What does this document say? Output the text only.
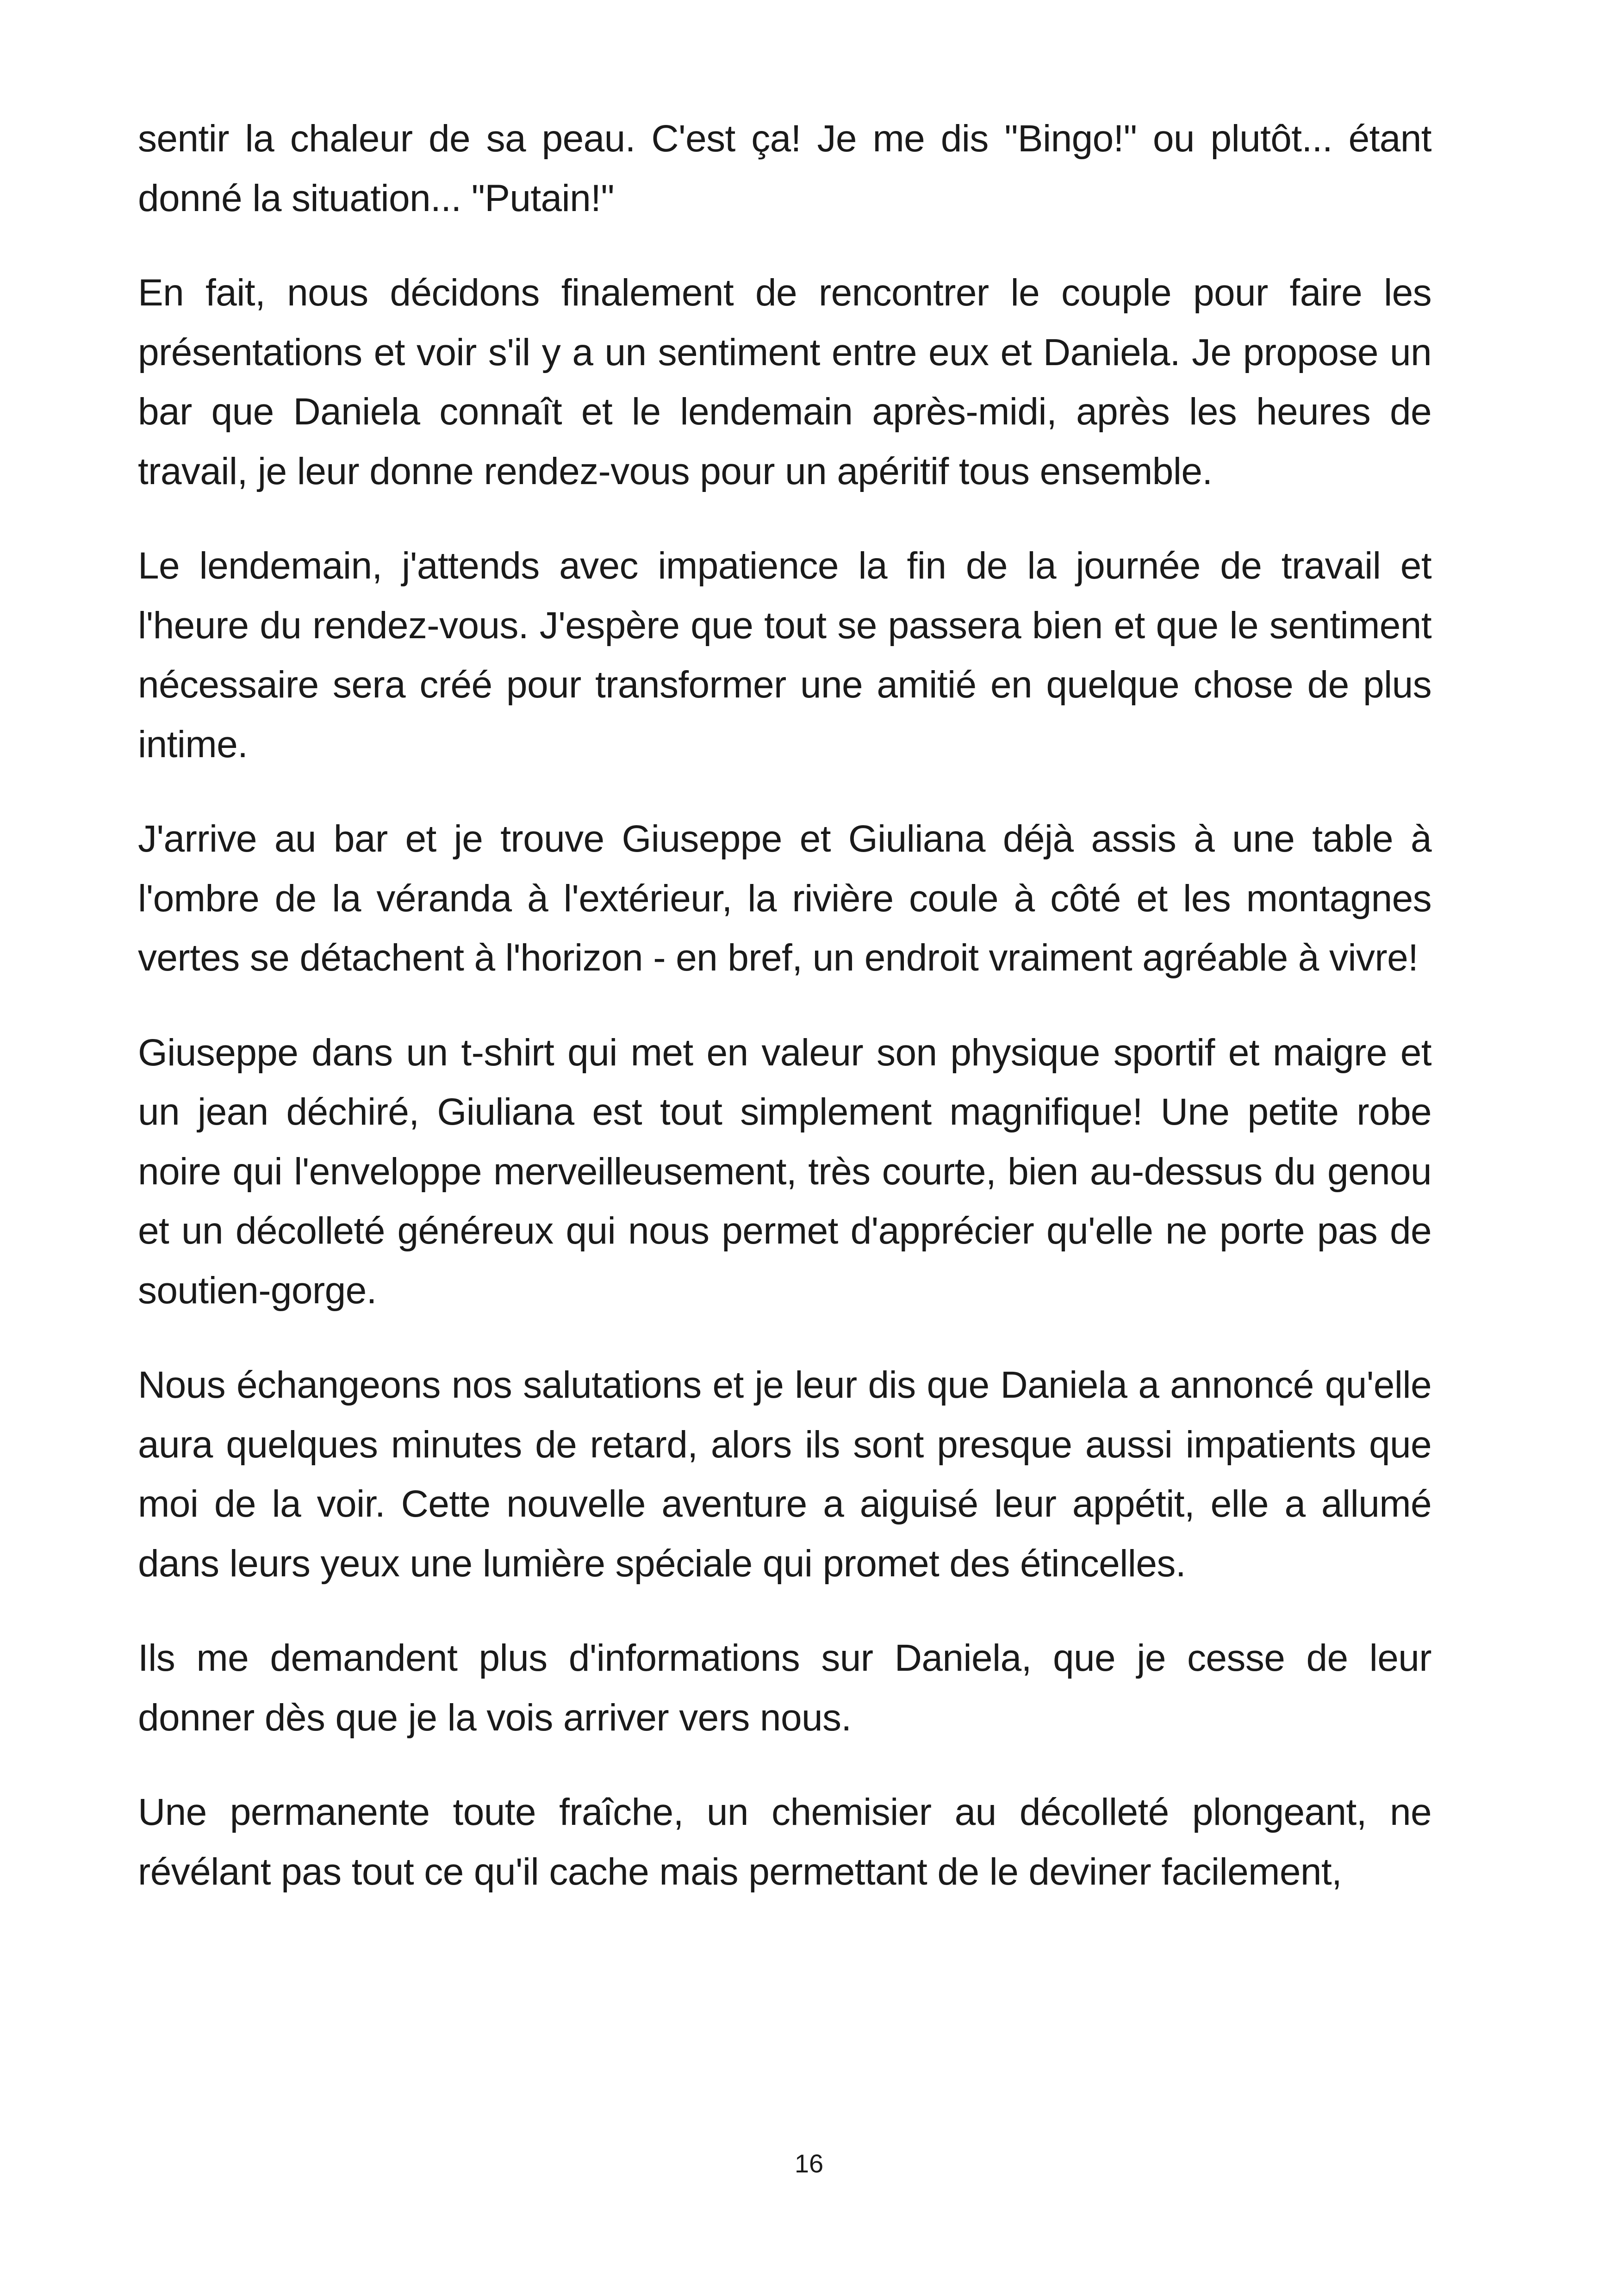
sentir la chaleur de sa peau. C'est ça! Je me dis "Bingo!" ou plutôt... étant donné la situation... "Putain!"

En fait, nous décidons finalement de rencontrer le couple pour faire les présentations et voir s'il y a un sentiment entre eux et Daniela. Je propose un bar que Daniela connaît et le lendemain après-midi, après les heures de travail, je leur donne rendez-vous pour un apéritif tous ensemble.

Le lendemain, j'attends avec impatience la fin de la journée de travail et l'heure du rendez-vous. J'espère que tout se passera bien et que le sentiment nécessaire sera créé pour transformer une amitié en quelque chose de plus intime.

J'arrive au bar et je trouve Giuseppe et Giuliana déjà assis à une table à l'ombre de la véranda à l'extérieur, la rivière coule à côté et les montagnes vertes se détachent à l'horizon - en bref, un endroit vraiment agréable à vivre!

Giuseppe dans un t-shirt qui met en valeur son physique sportif et maigre et un jean déchiré, Giuliana est tout simplement magnifique! Une petite robe noire qui l'enveloppe merveilleusement, très courte, bien au-dessus du genou et un décolleté généreux qui nous permet d'apprécier qu'elle ne porte pas de soutien-gorge.

Nous échangeons nos salutations et je leur dis que Daniela a annoncé qu'elle aura quelques minutes de retard, alors ils sont presque aussi impatients que moi de la voir. Cette nouvelle aventure a aiguisé leur appétit, elle a allumé dans leurs yeux une lumière spéciale qui promet des étincelles.

Ils me demandent plus d'informations sur Daniela, que je cesse de leur donner dès que je la vois arriver vers nous.

Une permanente toute fraîche, un chemisier au décolleté plongeant, ne révélant pas tout ce qu'il cache mais permettant de le deviner facilement,

16
